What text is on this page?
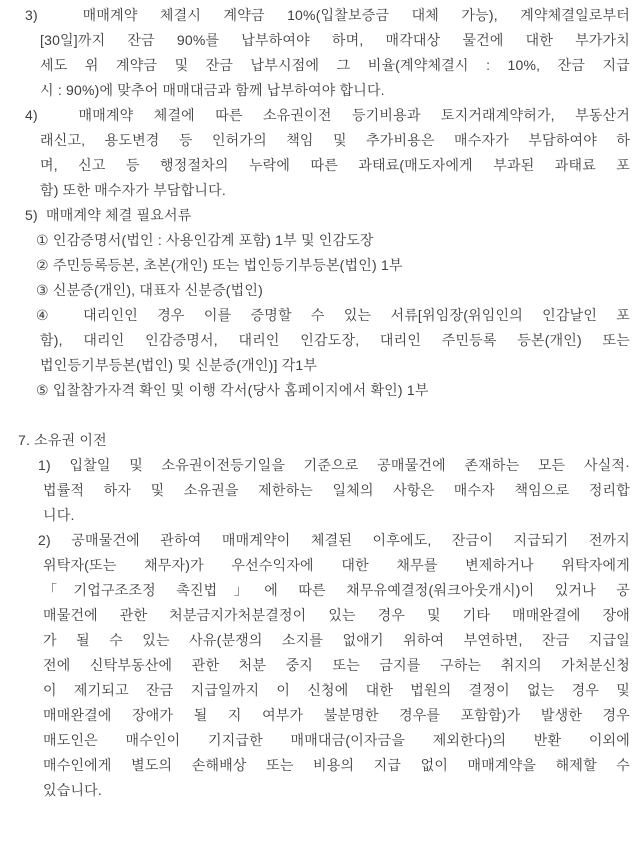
3)  매매계약 체결시 계약금 10%(입찰보증금 대체 가능), 계약체결일로부터
[30일]까지 잔금 90%를 납부하여야 하며, 매각대상 물건에 대한 부가가치
세도 위 계약금 및 잔금 납부시점에 그 비율(계약체결시 : 10%, 잔금 지급
시 : 90%)에 맞추어 매매대금과 함께 납부하여야 합니다.
4)  매매계약 체결에 따른 소유권이전 등기비용과 토지거래계약허가, 부동산거
래신고, 용도변경 등 인허가의 책임 및 추가비용은 매수자가 부담하여야 하
며, 신고 등 행정절차의 누락에 따른 과태료(매도자에게 부과된 과태료 포
함) 또한 매수자가 부담합니다.
5)  매매계약 체결 필요서류
① 인감증명서(법인 : 사용인감계 포함) 1부 및 인감도장
② 주민등록등본, 초본(개인) 또는 법인등기부등본(법인) 1부
③ 신분증(개인), 대표자 신분증(법인)
④ 대리인인 경우 이를 증명할 수 있는 서류[위임장(위임인의 인감날인 포
함), 대리인 인감증명서, 대리인 인감도장, 대리인 주민등록 등본(개인) 또는
법인등기부등본(법인) 및 신분증(개인)] 각1부
⑤ 입찰참가자격 확인 및 이행 각서(당사 홈페이지에서 확인) 1부
7. 소유권 이전
1) 입찰일 및 소유권이전등기일을 기준으로 공매물건에 존재하는 모든 사실적·
법률적 하자 및 소유권을 제한하는 일체의 사항은 매수자 책임으로 정리합
니다.
2) 공매물건에 관하여 매매계약이 체결된 이후에도, 잔금이 지급되기 전까지
위탁자(또는 채무자)가 우선수익자에 대한 채무를 변제하거나 위탁자에게
「기업구조조정 촉진법」에 따른 채무유예결정(워크아웃개시)이 있거나 공
매물건에 관한 처분금지가처분결정이 있는 경우 및 기타 매매완결에 장애
가 될 수 있는 사유(분쟁의 소지를 없애기 위하여 부연하면, 잔금 지급일
전에 신탁부동산에 관한 처분 중지 또는 금지를 구하는 취지의 가처분신청
이 제기되고 잔금 지급일까지 이 신청에 대한 법원의 결정이 없는 경우 및
매매완결에 장애가 될 지 여부가 불분명한 경우를 포함함)가 발생한 경우
매도인은 매수인이 기지급한 매매대금(이자금을 제외한다)의 반환 이외에
매수인에게 별도의 손해배상 또는 비용의 지급 없이 매매계약을 해제할 수
있습니다.
